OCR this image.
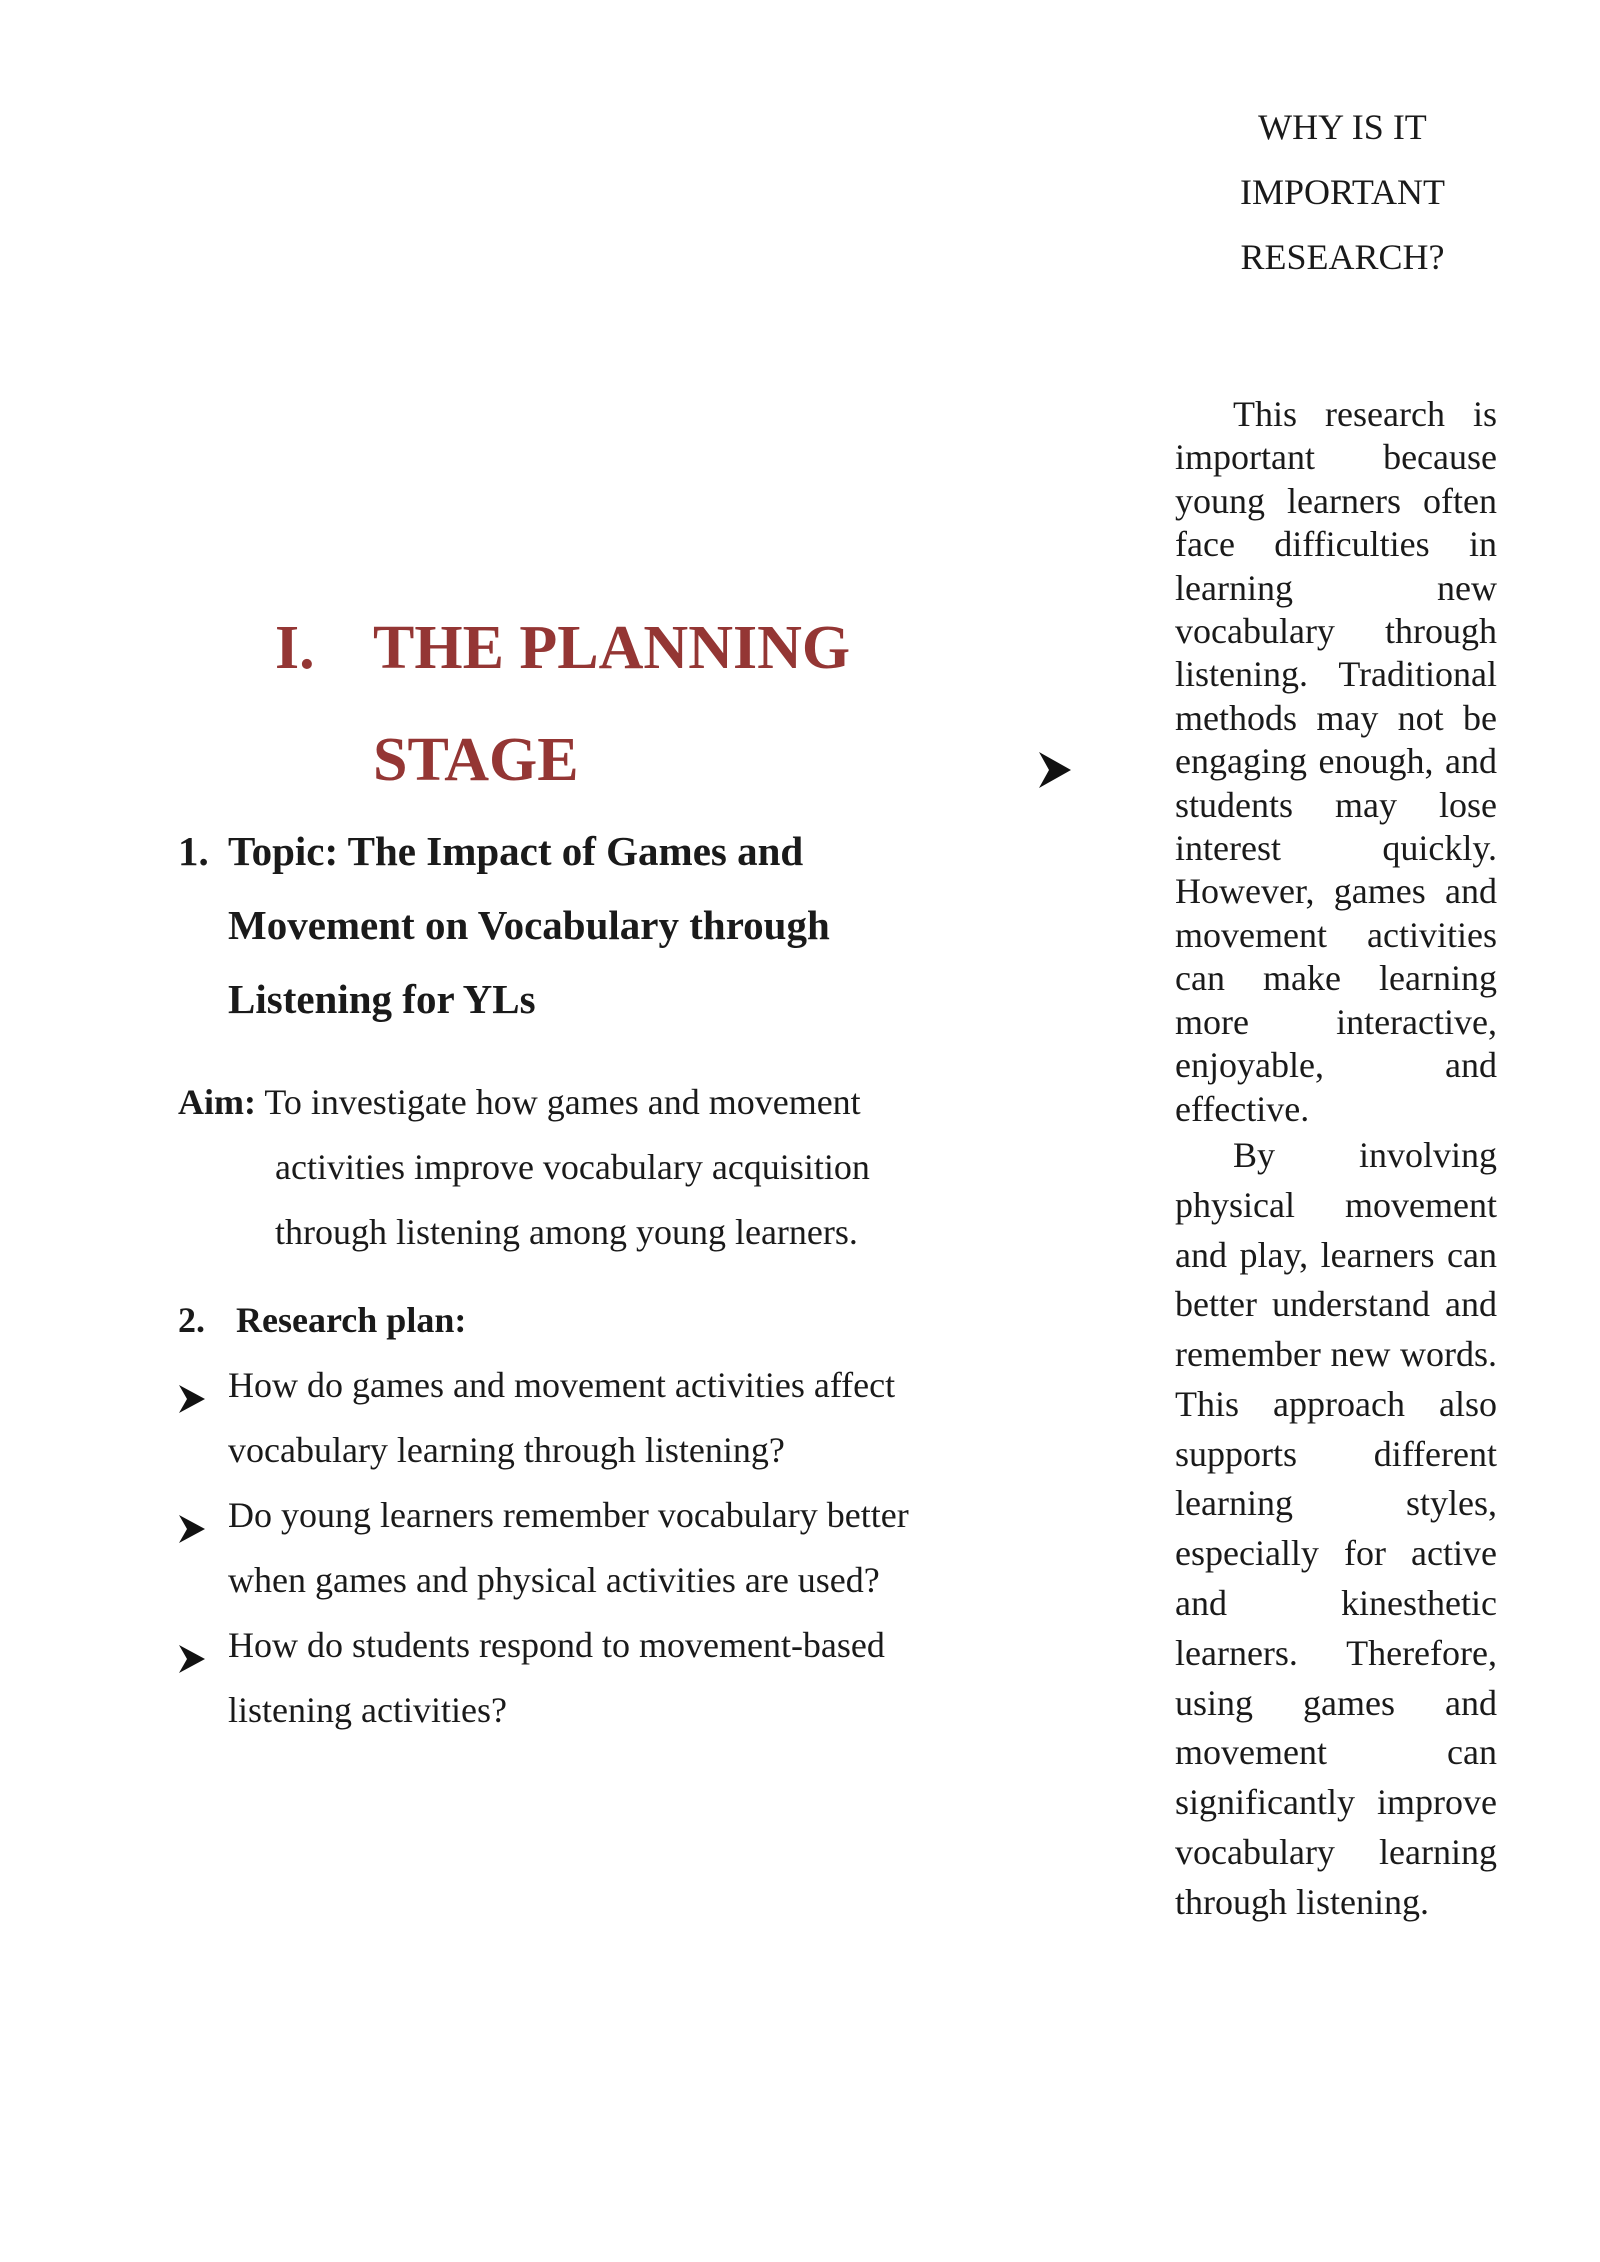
WHY IS IT
IMPORTANT
RESEARCH?

This research is important because young learners often face difficulties in learning new vocabulary through listening. Traditional methods may not be engaging enough, and students may lose interest quickly. However, games and movement activities can make learning more interactive, enjoyable, and effective.

By involving physical movement and play, learners can better understand and remember new words. This approach also supports different learning styles, especially for active and kinesthetic learners. Therefore, using games and movement can significantly improve vocabulary learning through listening.

I. THE PLANNING
STAGE
1. Topic: The Impact of Games and
Movement on Vocabulary through
Listening for YLs
Aim: To investigate how games and movement
activities improve vocabulary acquisition
through listening among young learners.
2. Research plan:
How do games and movement activities affect
vocabulary learning through listening?
Do young learners remember vocabulary better
when games and physical activities are used?
How do students respond to movement-based
listening activities?
